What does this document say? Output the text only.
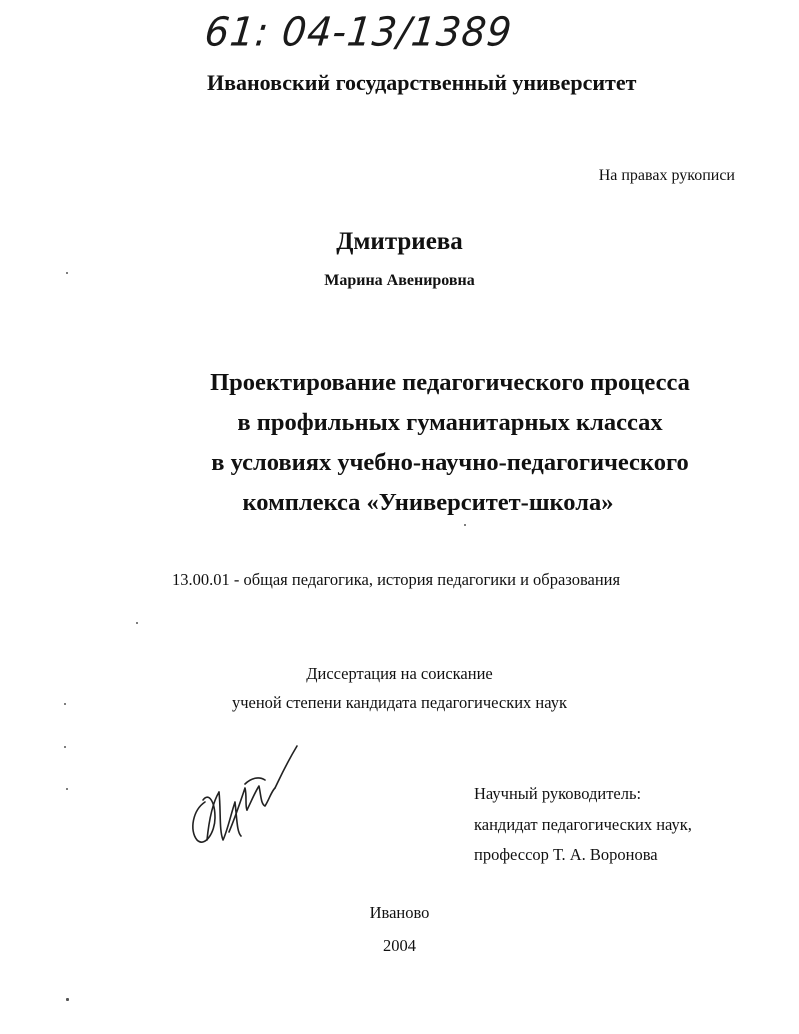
61: 04-13/1389
Ивановский государственный университет
На правах рукописи
Дмитриева
Марина Авенировна
Проектирование педагогического процесса
в профильных гуманитарных классах
в условиях учебно-научно-педагогического
комплекса «Университет-школа»
13.00.01 - общая педагогика, история педагогики и образования
Диссертация на соискание
ученой степени кандидата педагогических наук
Научный руководитель:
кандидат педагогических наук,
профессор Т. А. Воронова
Иваново
2004
